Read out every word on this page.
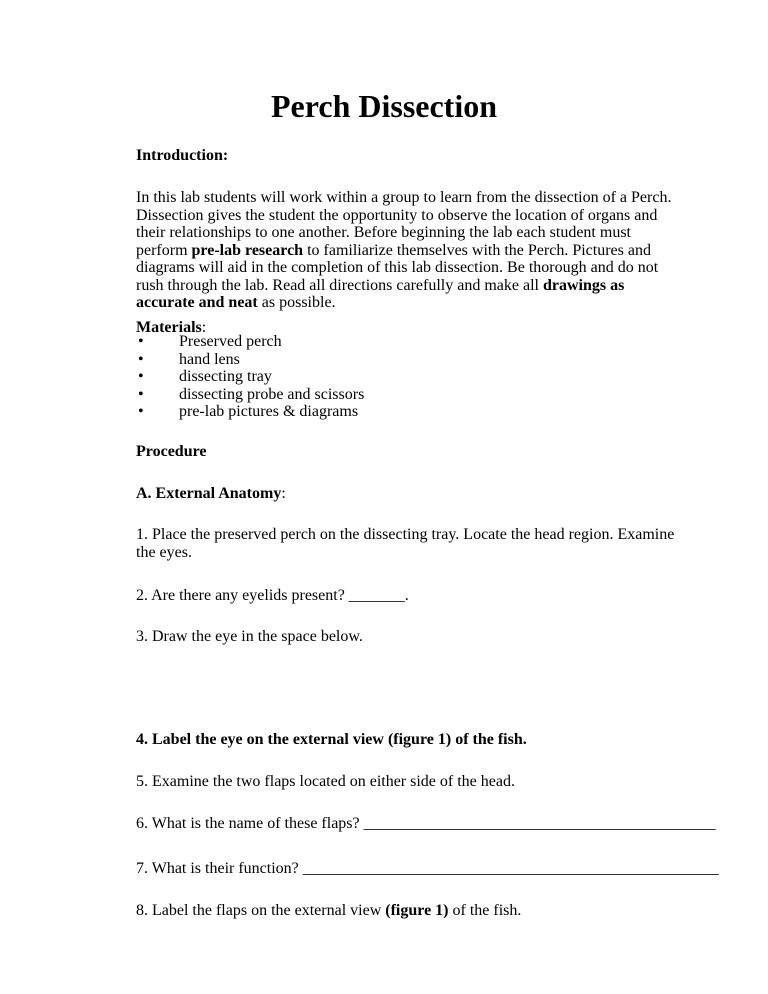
Perch Dissection
Introduction:
In this lab students will work within a group to learn from the dissection of a Perch. Dissection gives the student the opportunity to observe the location of organs and their relationships to one another. Before beginning the lab each student must perform pre-lab research to familiarize themselves with the Perch. Pictures and diagrams will aid in the completion of this lab dissection. Be thorough and do not rush through the lab. Read all directions carefully and make all drawings as accurate and neat as possible.
Materials:
• Preserved perch
• hand lens
• dissecting tray
• dissecting probe and scissors
• pre-lab pictures & diagrams
Procedure
A. External Anatomy:
1. Place the preserved perch on the dissecting tray. Locate the head region. Examine the eyes.
2. Are there any eyelids present? _______.
3. Draw the eye in the space below.
4. Label the eye on the external view (figure 1) of the fish.
5. Examine the two flaps located on either side of the head.
6. What is the name of these flaps? ____________________________________________
7. What is their function? ____________________________________________________
8. Label the flaps on the external view (figure 1) of the fish.
